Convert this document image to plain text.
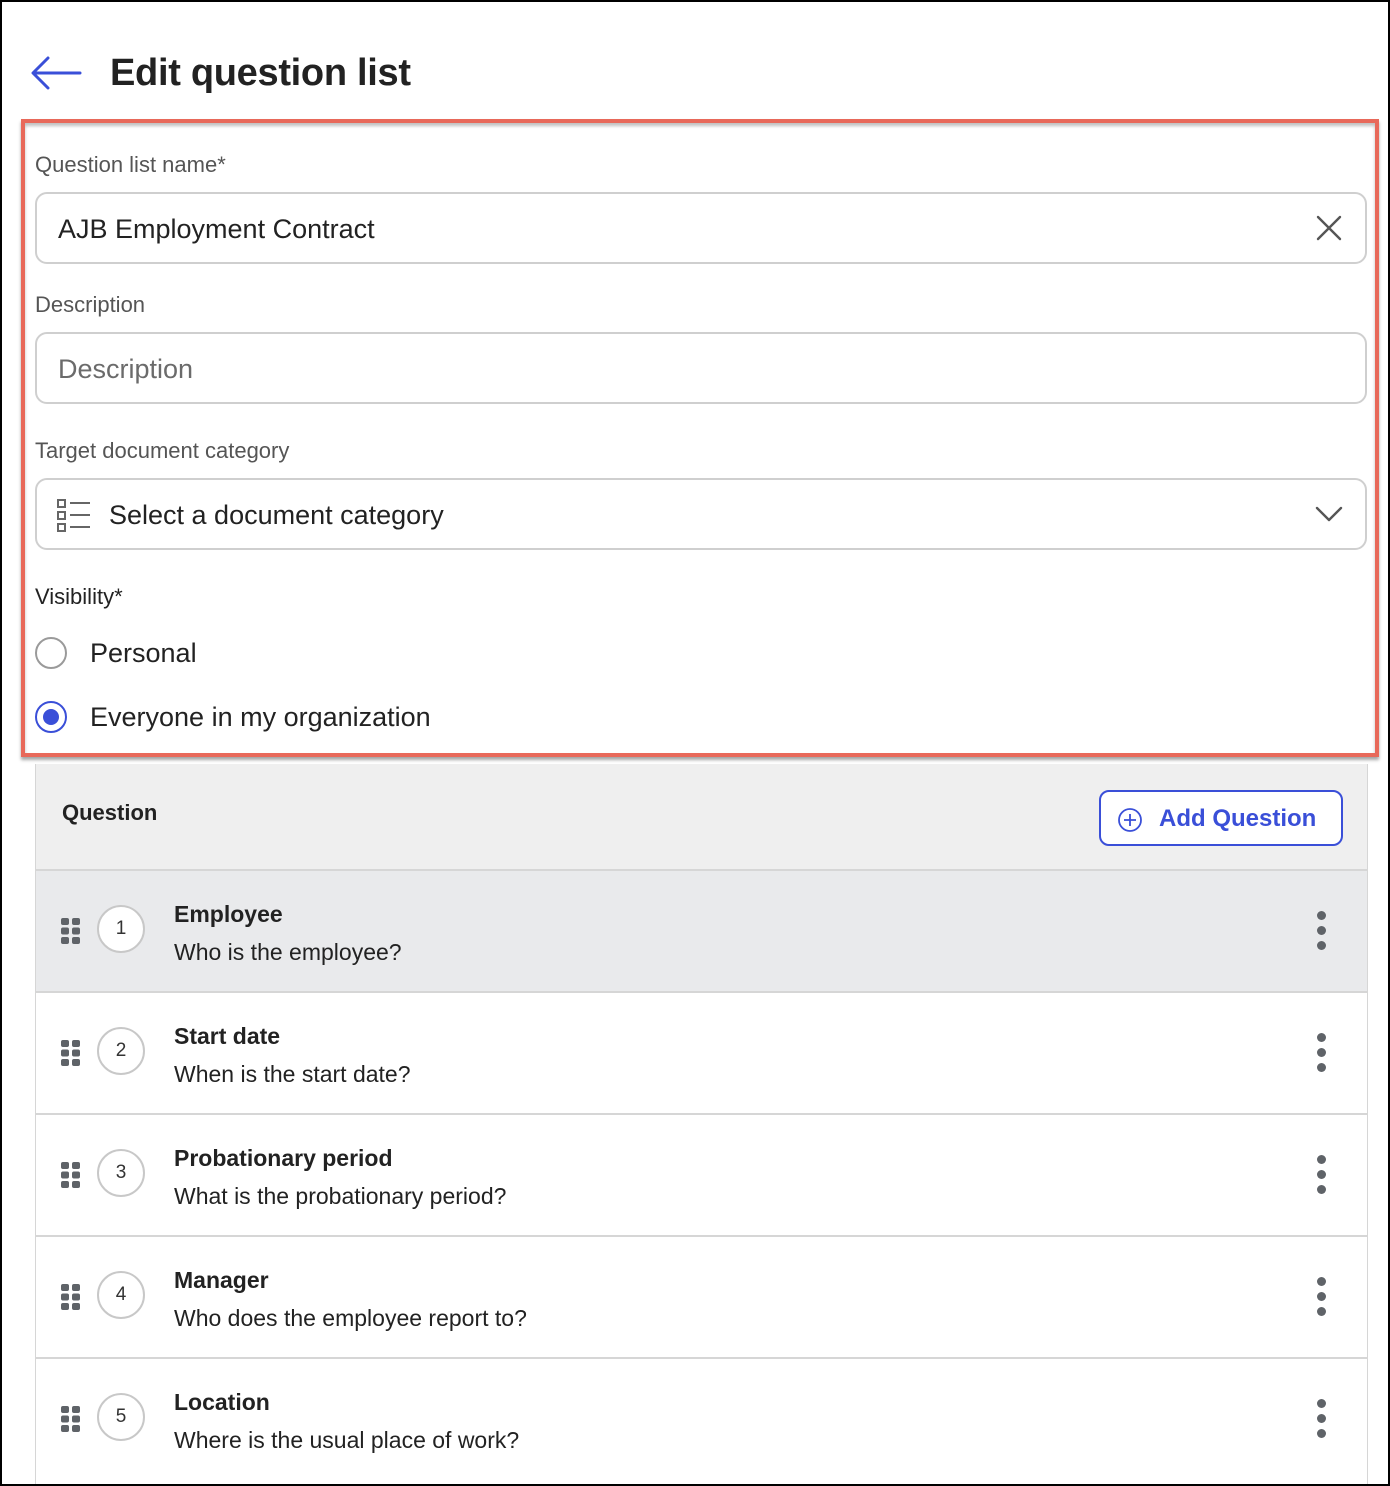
Edit question list
Question list name*
AJB Employment Contract
Description
Description
Target document category
Select a document category
Visibility*
Personal
Everyone in my organization
Question	Add Question
1
Employee
Who is the employee?
2
Start date
When is the start date?
3
Probationary period
What is the probationary period?
4
Manager
Who does the employee report to?
5
Location
Where is the usual place of work?
